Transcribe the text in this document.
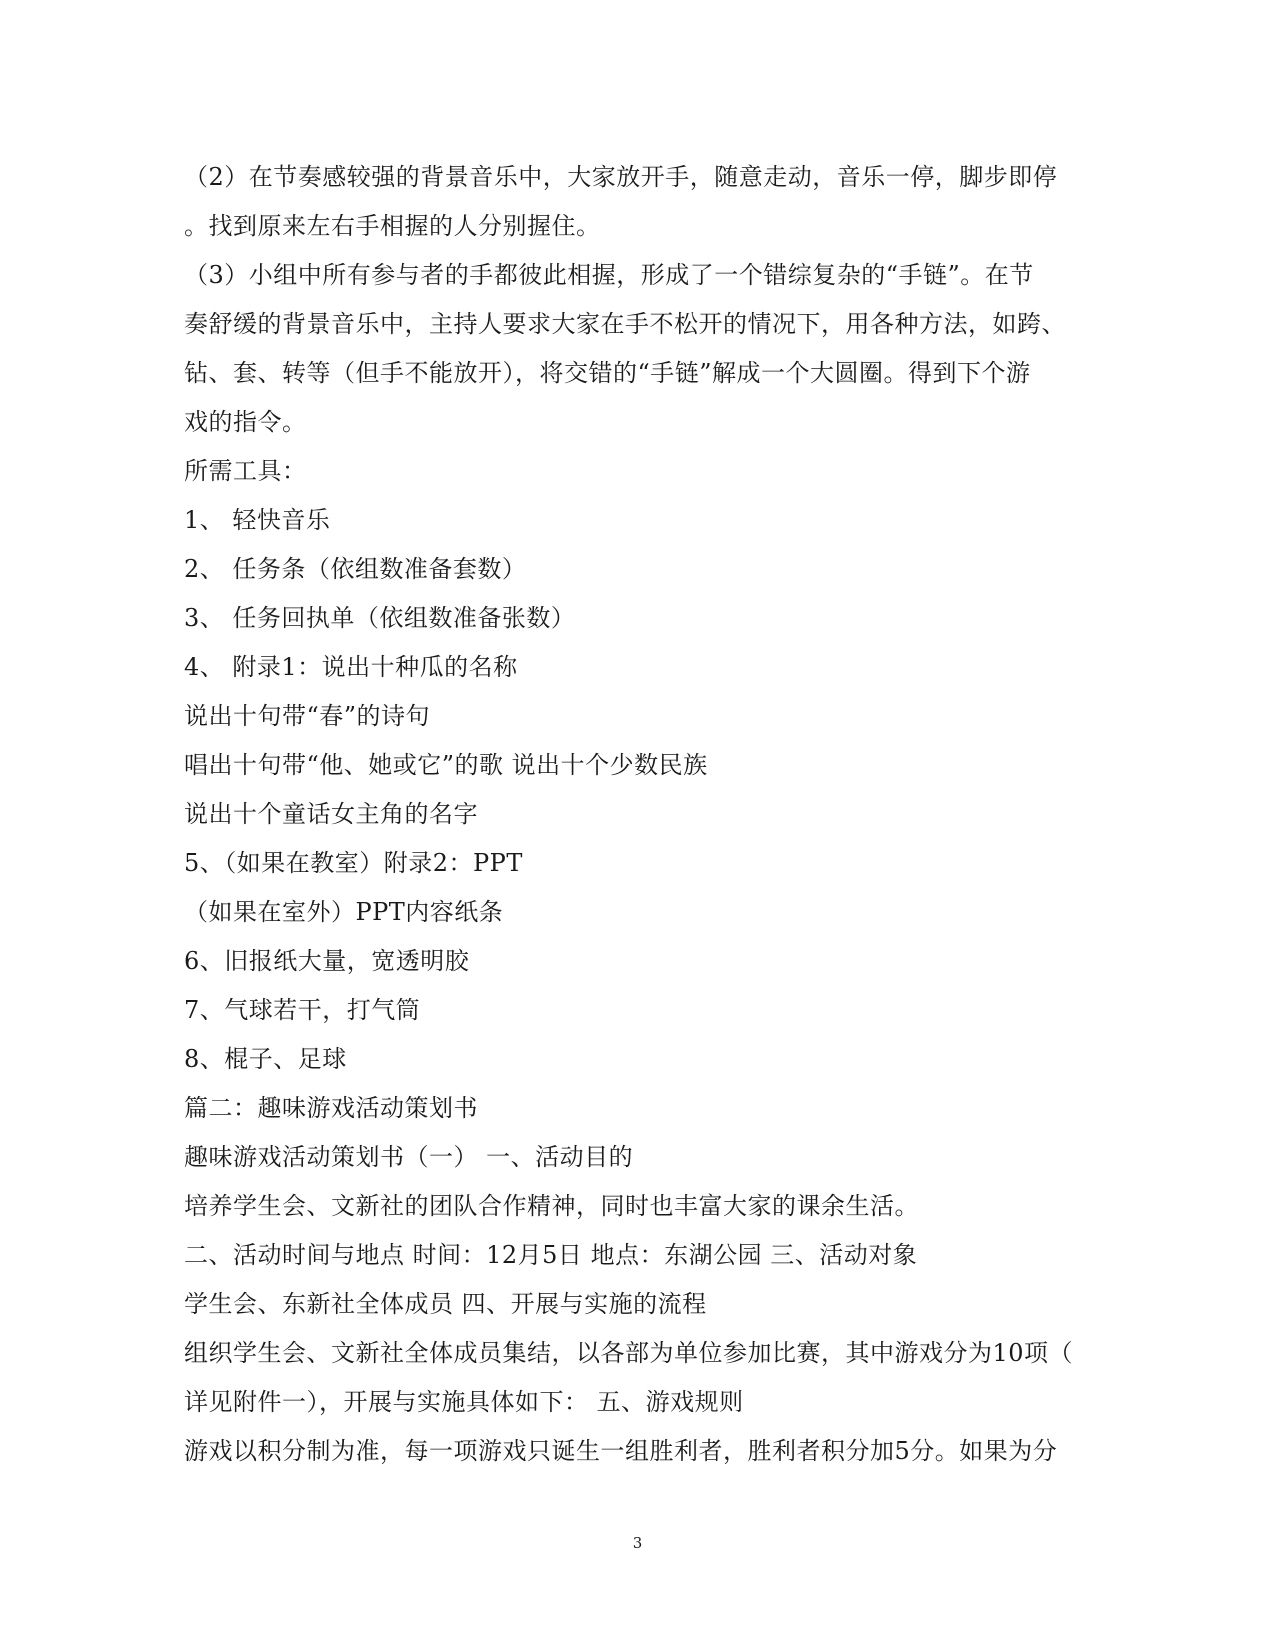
（2）在节奏感较强的背景音乐中，大家放开手，随意走动，音乐一停，脚步即停
。找到原来左右手相握的人分别握住。
（3）小组中所有参与者的手都彼此相握，形成了一个错综复杂的“手链”。在节
奏舒缓的背景音乐中，主持人要求大家在手不松开的情况下，用各种方法，如跨、
钻、套、转等（但手不能放开），将交错的“手链”解成一个大圆圈。得到下个游
戏的指令。
所需工具：
1、 轻快音乐
2、 任务条（依组数准备套数）
3、 任务回执单（依组数准备张数）
4、 附录1：说出十种瓜的名称
说出十句带“春”的诗句
唱出十句带“他、她或它”的歌 说出十个少数民族
说出十个童话女主角的名字
5、（如果在教室）附录2：PPT
（如果在室外）PPT内容纸条
6、旧报纸大量，宽透明胶
7、气球若干，打气筒
8、棍子、足球
篇二：趣味游戏活动策划书
趣味游戏活动策划书（一） 一、活动目的
培养学生会、文新社的团队合作精神，同时也丰富大家的课余生活。
二、活动时间与地点 时间：12月5日 地点：东湖公园 三、活动对象
学生会、东新社全体成员 四、开展与实施的流程
组织学生会、文新社全体成员集结，以各部为单位参加比赛，其中游戏分为10项（
详见附件一），开展与实施具体如下： 五、游戏规则
游戏以积分制为准，每一项游戏只诞生一组胜利者，胜利者积分加5分。如果为分
3
